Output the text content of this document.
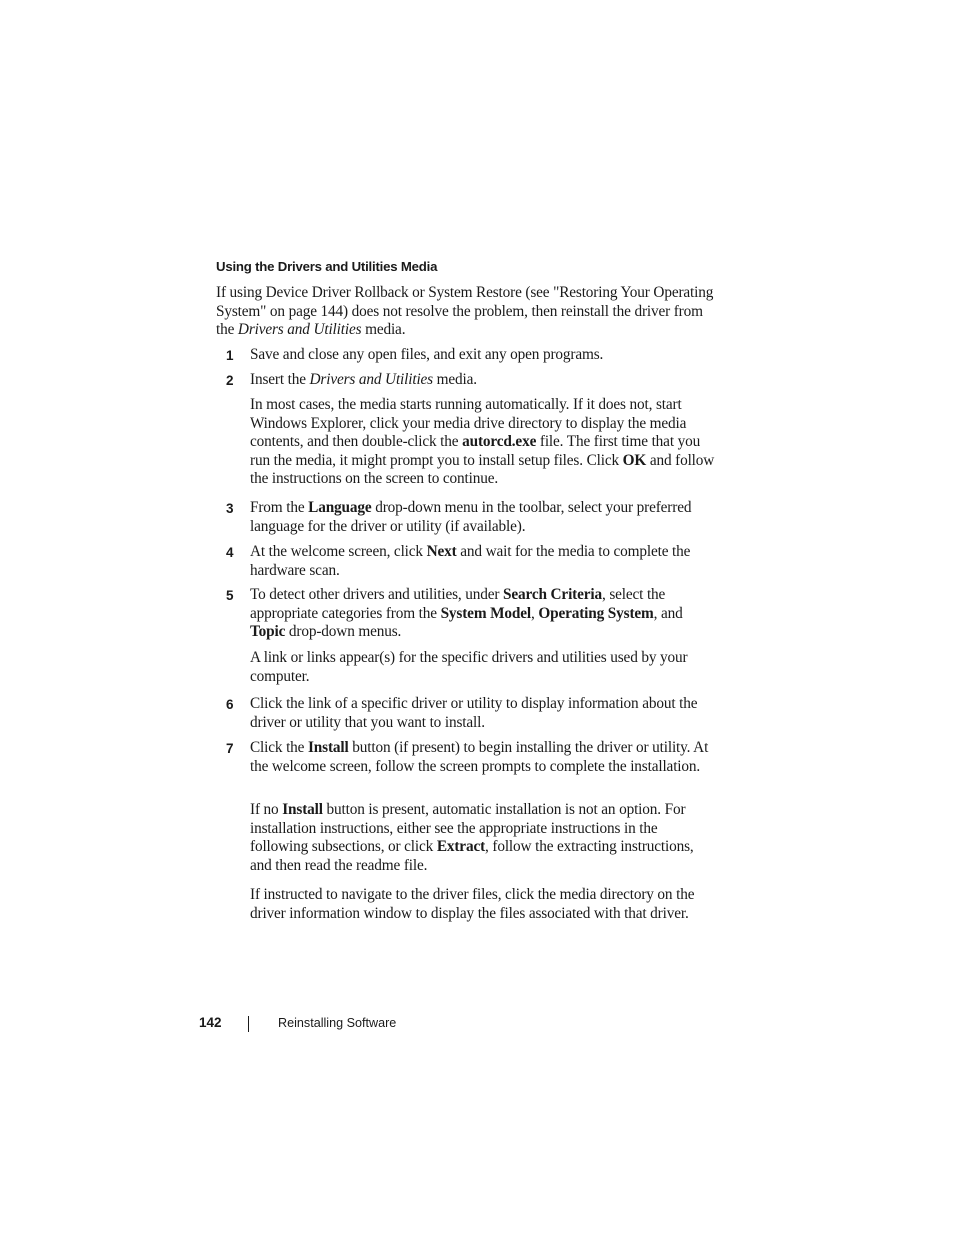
Using the Drivers and Utilities Media
If using Device Driver Rollback or System Restore (see "Restoring Your Operating System" on page 144) does not resolve the problem, then reinstall the driver from the Drivers and Utilities media.
1 Save and close any open files, and exit any open programs.
2 Insert the Drivers and Utilities media.
In most cases, the media starts running automatically. If it does not, start Windows Explorer, click your media drive directory to display the media contents, and then double-click the autorcd.exe file. The first time that you run the media, it might prompt you to install setup files. Click OK and follow the instructions on the screen to continue.
3 From the Language drop-down menu in the toolbar, select your preferred language for the driver or utility (if available).
4 At the welcome screen, click Next and wait for the media to complete the hardware scan.
5 To detect other drivers and utilities, under Search Criteria, select the appropriate categories from the System Model, Operating System, and Topic drop-down menus.
A link or links appear(s) for the specific drivers and utilities used by your computer.
6 Click the link of a specific driver or utility to display information about the driver or utility that you want to install.
7 Click the Install button (if present) to begin installing the driver or utility. At the welcome screen, follow the screen prompts to complete the installation.
If no Install button is present, automatic installation is not an option. For installation instructions, either see the appropriate instructions in the following subsections, or click Extract, follow the extracting instructions, and then read the readme file.
If instructed to navigate to the driver files, click the media directory on the driver information window to display the files associated with that driver.
142	Reinstalling Software
